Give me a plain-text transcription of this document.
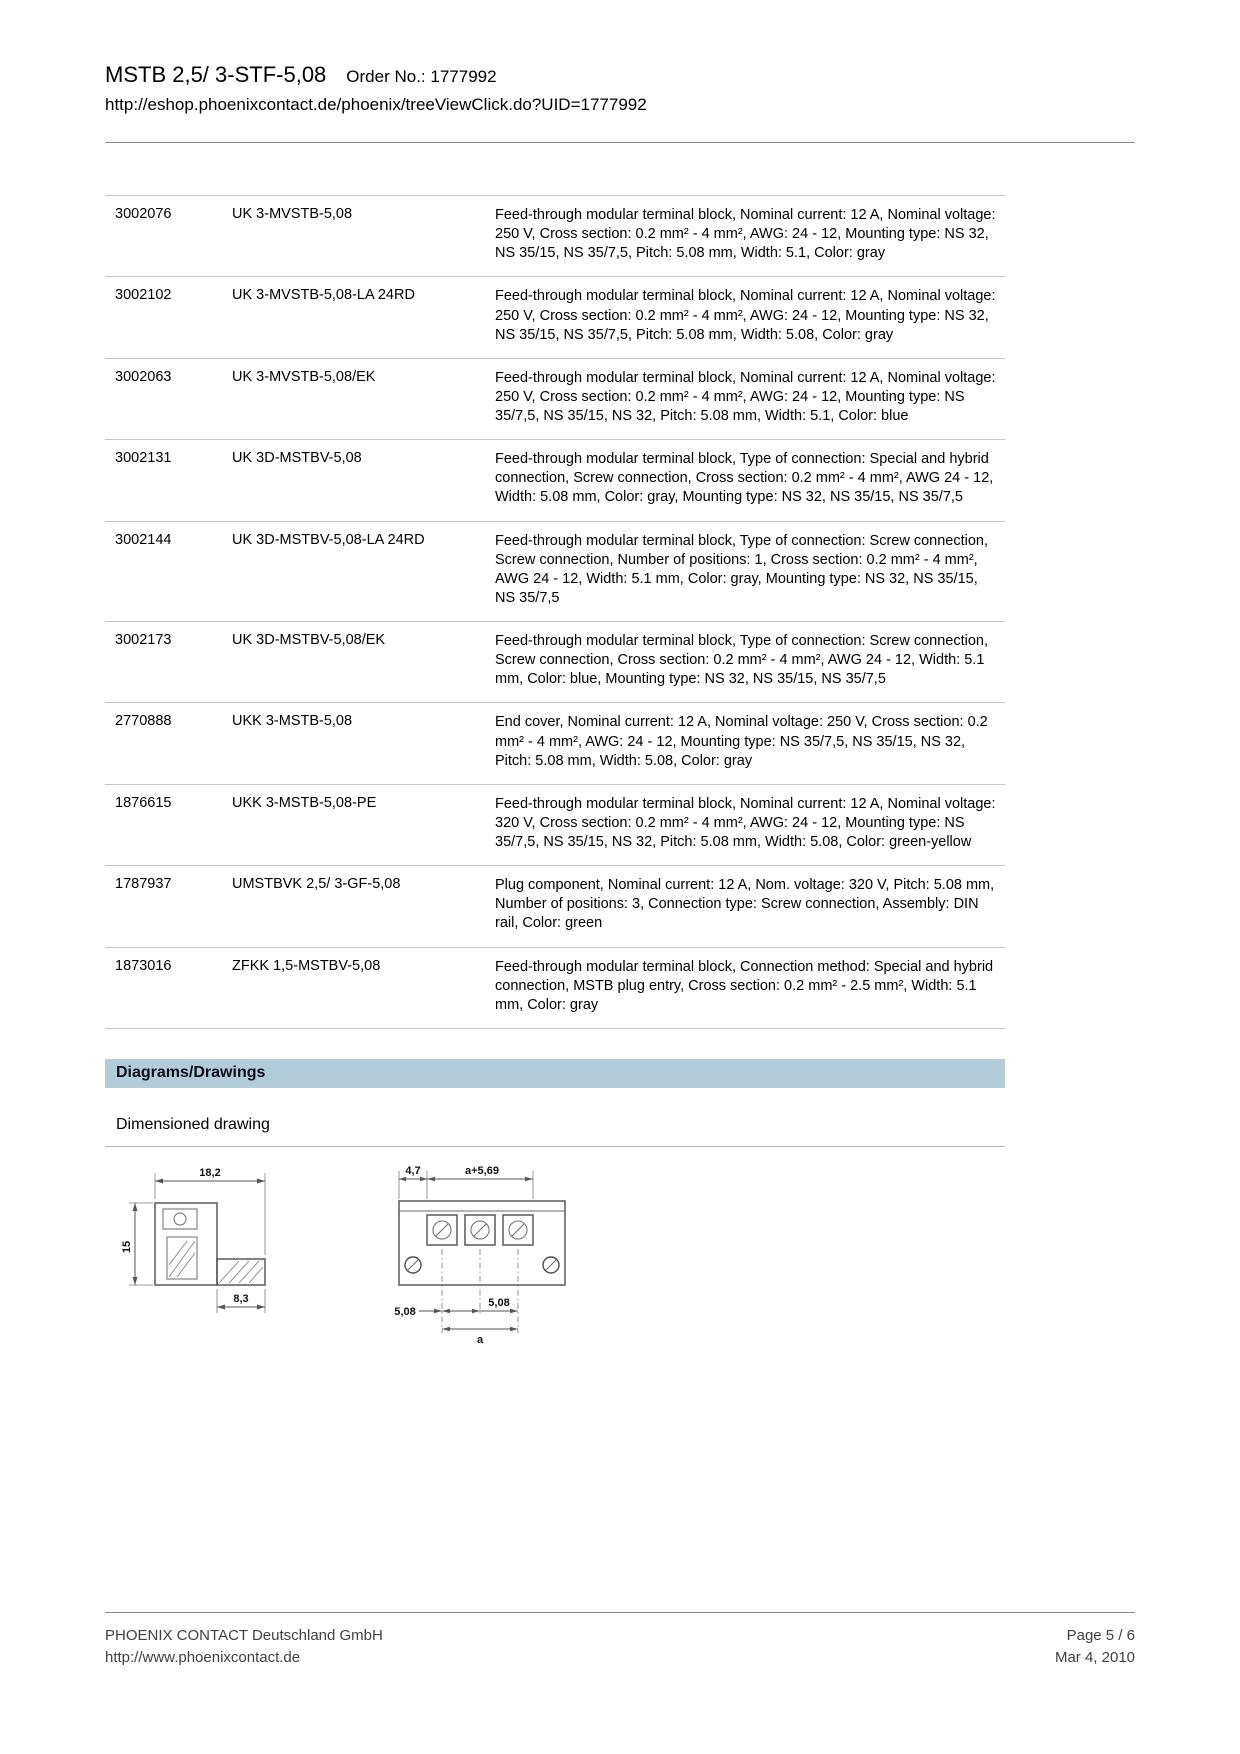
MSTB 2,5/ 3-STF-5,08 Order No.: 1777992
http://eshop.phoenixcontact.de/phoenix/treeViewClick.do?UID=1777992
3002076	UK 3-MVSTB-5,08	Feed-through modular terminal block, Nominal current: 12 A, Nominal voltage: 250 V, Cross section: 0.2 mm² - 4 mm², AWG: 24 - 12, Mounting type: NS 32, NS 35/15, NS 35/7,5, Pitch: 5.08 mm, Width: 5.1, Color: gray
3002102	UK 3-MVSTB-5,08-LA 24RD	Feed-through modular terminal block, Nominal current: 12 A, Nominal voltage: 250 V, Cross section: 0.2 mm² - 4 mm², AWG: 24 - 12, Mounting type: NS 32, NS 35/15, NS 35/7,5, Pitch: 5.08 mm, Width: 5.08, Color: gray
3002063	UK 3-MVSTB-5,08/EK	Feed-through modular terminal block, Nominal current: 12 A, Nominal voltage: 250 V, Cross section: 0.2 mm² - 4 mm², AWG: 24 - 12, Mounting type: NS 35/7,5, NS 35/15, NS 32, Pitch: 5.08 mm, Width: 5.1, Color: blue
3002131	UK 3D-MSTBV-5,08	Feed-through modular terminal block, Type of connection: Special and hybrid connection, Screw connection, Cross section: 0.2 mm² - 4 mm², AWG 24 - 12, Width: 5.08 mm, Color: gray, Mounting type: NS 32, NS 35/15, NS 35/7,5
3002144	UK 3D-MSTBV-5,08-LA 24RD	Feed-through modular terminal block, Type of connection: Screw connection, Screw connection, Number of positions: 1, Cross section: 0.2 mm² - 4 mm², AWG 24 - 12, Width: 5.1 mm, Color: gray, Mounting type: NS 32, NS 35/15, NS 35/7,5
3002173	UK 3D-MSTBV-5,08/EK	Feed-through modular terminal block, Type of connection: Screw connection, Screw connection, Cross section: 0.2 mm² - 4 mm², AWG 24 - 12, Width: 5.1 mm, Color: blue, Mounting type: NS 32, NS 35/15, NS 35/7,5
2770888	UKK 3-MSTB-5,08	End cover, Nominal current: 12 A, Nominal voltage: 250 V, Cross section: 0.2 mm² - 4 mm², AWG: 24 - 12, Mounting type: NS 35/7,5, NS 35/15, NS 32, Pitch: 5.08 mm, Width: 5.08, Color: gray
1876615	UKK 3-MSTB-5,08-PE	Feed-through modular terminal block, Nominal current: 12 A, Nominal voltage: 320 V, Cross section: 0.2 mm² - 4 mm², AWG: 24 - 12, Mounting type: NS 35/7,5, NS 35/15, NS 32, Pitch: 5.08 mm, Width: 5.08, Color: green-yellow
1787937	UMSTBVK 2,5/ 3-GF-5,08	Plug component, Nominal current: 12 A, Nom. voltage: 320 V, Pitch: 5.08 mm, Number of positions: 3, Connection type: Screw connection, Assembly: DIN rail, Color: green
1873016	ZFKK 1,5-MSTBV-5,08	Feed-through modular terminal block, Connection method: Special and hybrid connection, MSTB plug entry, Cross section: 0.2 mm² - 2.5 mm², Width: 5.1 mm, Color: gray
Diagrams/Drawings
Dimensioned drawing
18,2
15
8,3
4,7	a+5,69
5,08
5,08
a
PHOENIX CONTACT Deutschland GmbH
http://www.phoenixcontact.de
Page 5 / 6
Mar 4, 2010
